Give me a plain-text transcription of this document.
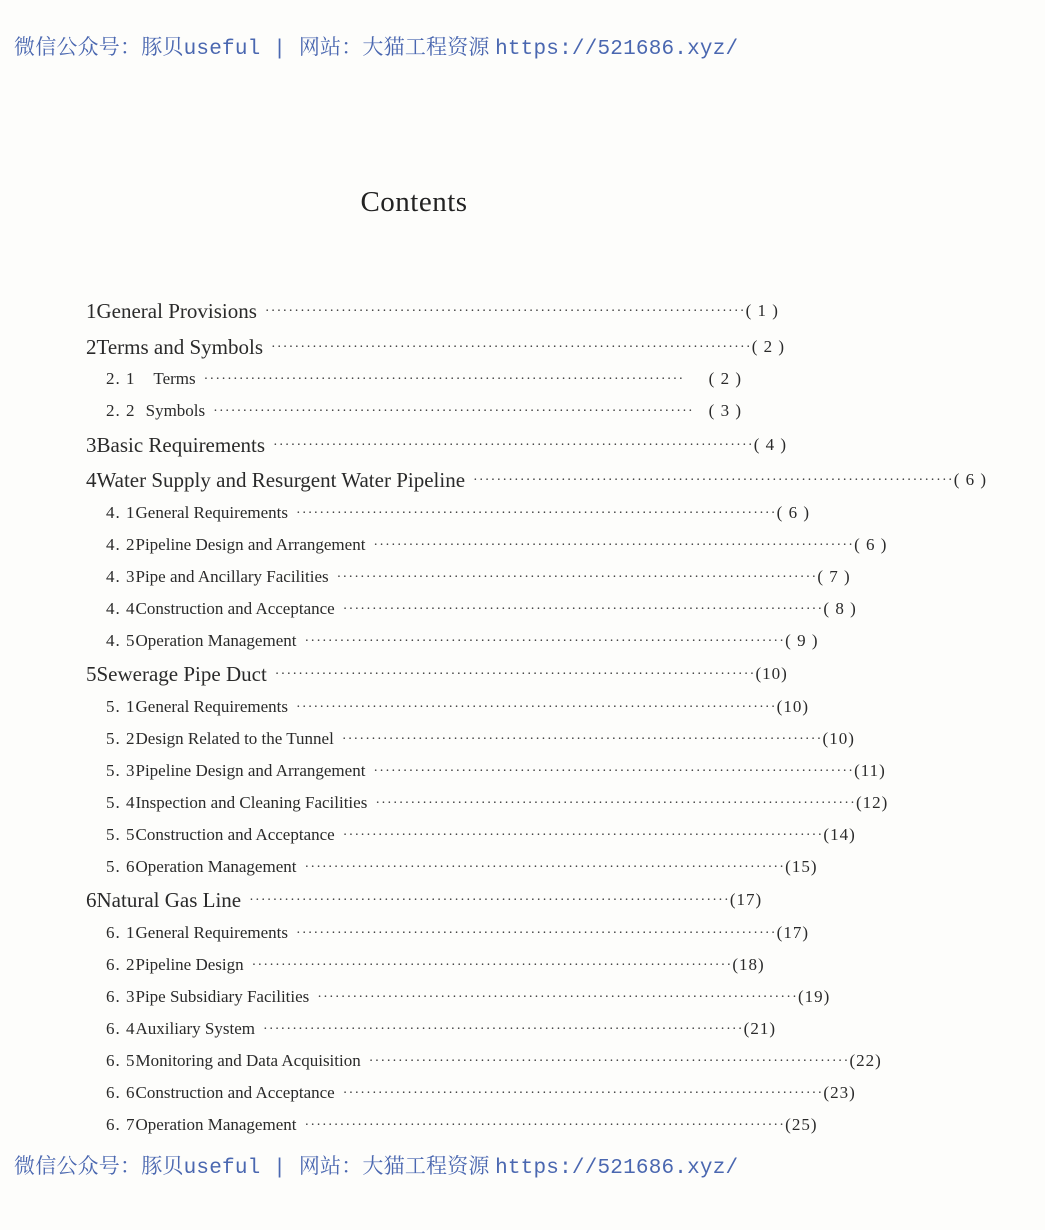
微信公众号：豚贝useful | 网站：大猫工程资源 https://521686.xyz/
Contents
1 General Provisions ·················································································· ( 1 )
2 Terms and Symbols ·················································································· ( 2 )
2. 1	Terms ··················································································	( 2 )
2. 2 Symbols ·················································································· ( 3 )
3 Basic Requirements ·················································································· ( 4 )
4 Water Supply and Resurgent Water Pipeline ·················································································· ( 6 )
4. 1 General Requirements ·················································································· ( 6 )
4. 2 Pipeline Design and Arrangement ·················································································· ( 6 )
4. 3 Pipe and Ancillary Facilities ·················································································· ( 7 )
4. 4 Construction and Acceptance ·················································································· ( 8 )
4. 5 Operation Management ·················································································· ( 9 )
5 Sewerage Pipe Duct ·················································································· (10)
5. 1 General Requirements ·················································································· (10)
5. 2 Design Related to the Tunnel ·················································································· (10)
5. 3 Pipeline Design and Arrangement ·················································································· (11)
5. 4 Inspection and Cleaning Facilities ·················································································· (12)
5. 5 Construction and Acceptance ·················································································· (14)
5. 6 Operation Management ·················································································· (15)
6 Natural Gas Line ·················································································· (17)
6. 1 General Requirements ·················································································· (17)
6. 2 Pipeline Design ·················································································· (18)
6. 3 Pipe Subsidiary Facilities ·················································································· (19)
6. 4 Auxiliary System ·················································································· (21)
6. 5 Monitoring and Data Acquisition ·················································································· (22)
6. 6 Construction and Acceptance ·················································································· (23)
6. 7 Operation Management ·················································································· (25)
微信公众号：豚贝useful | 网站：大猫工程资源 https://521686.xyz/
